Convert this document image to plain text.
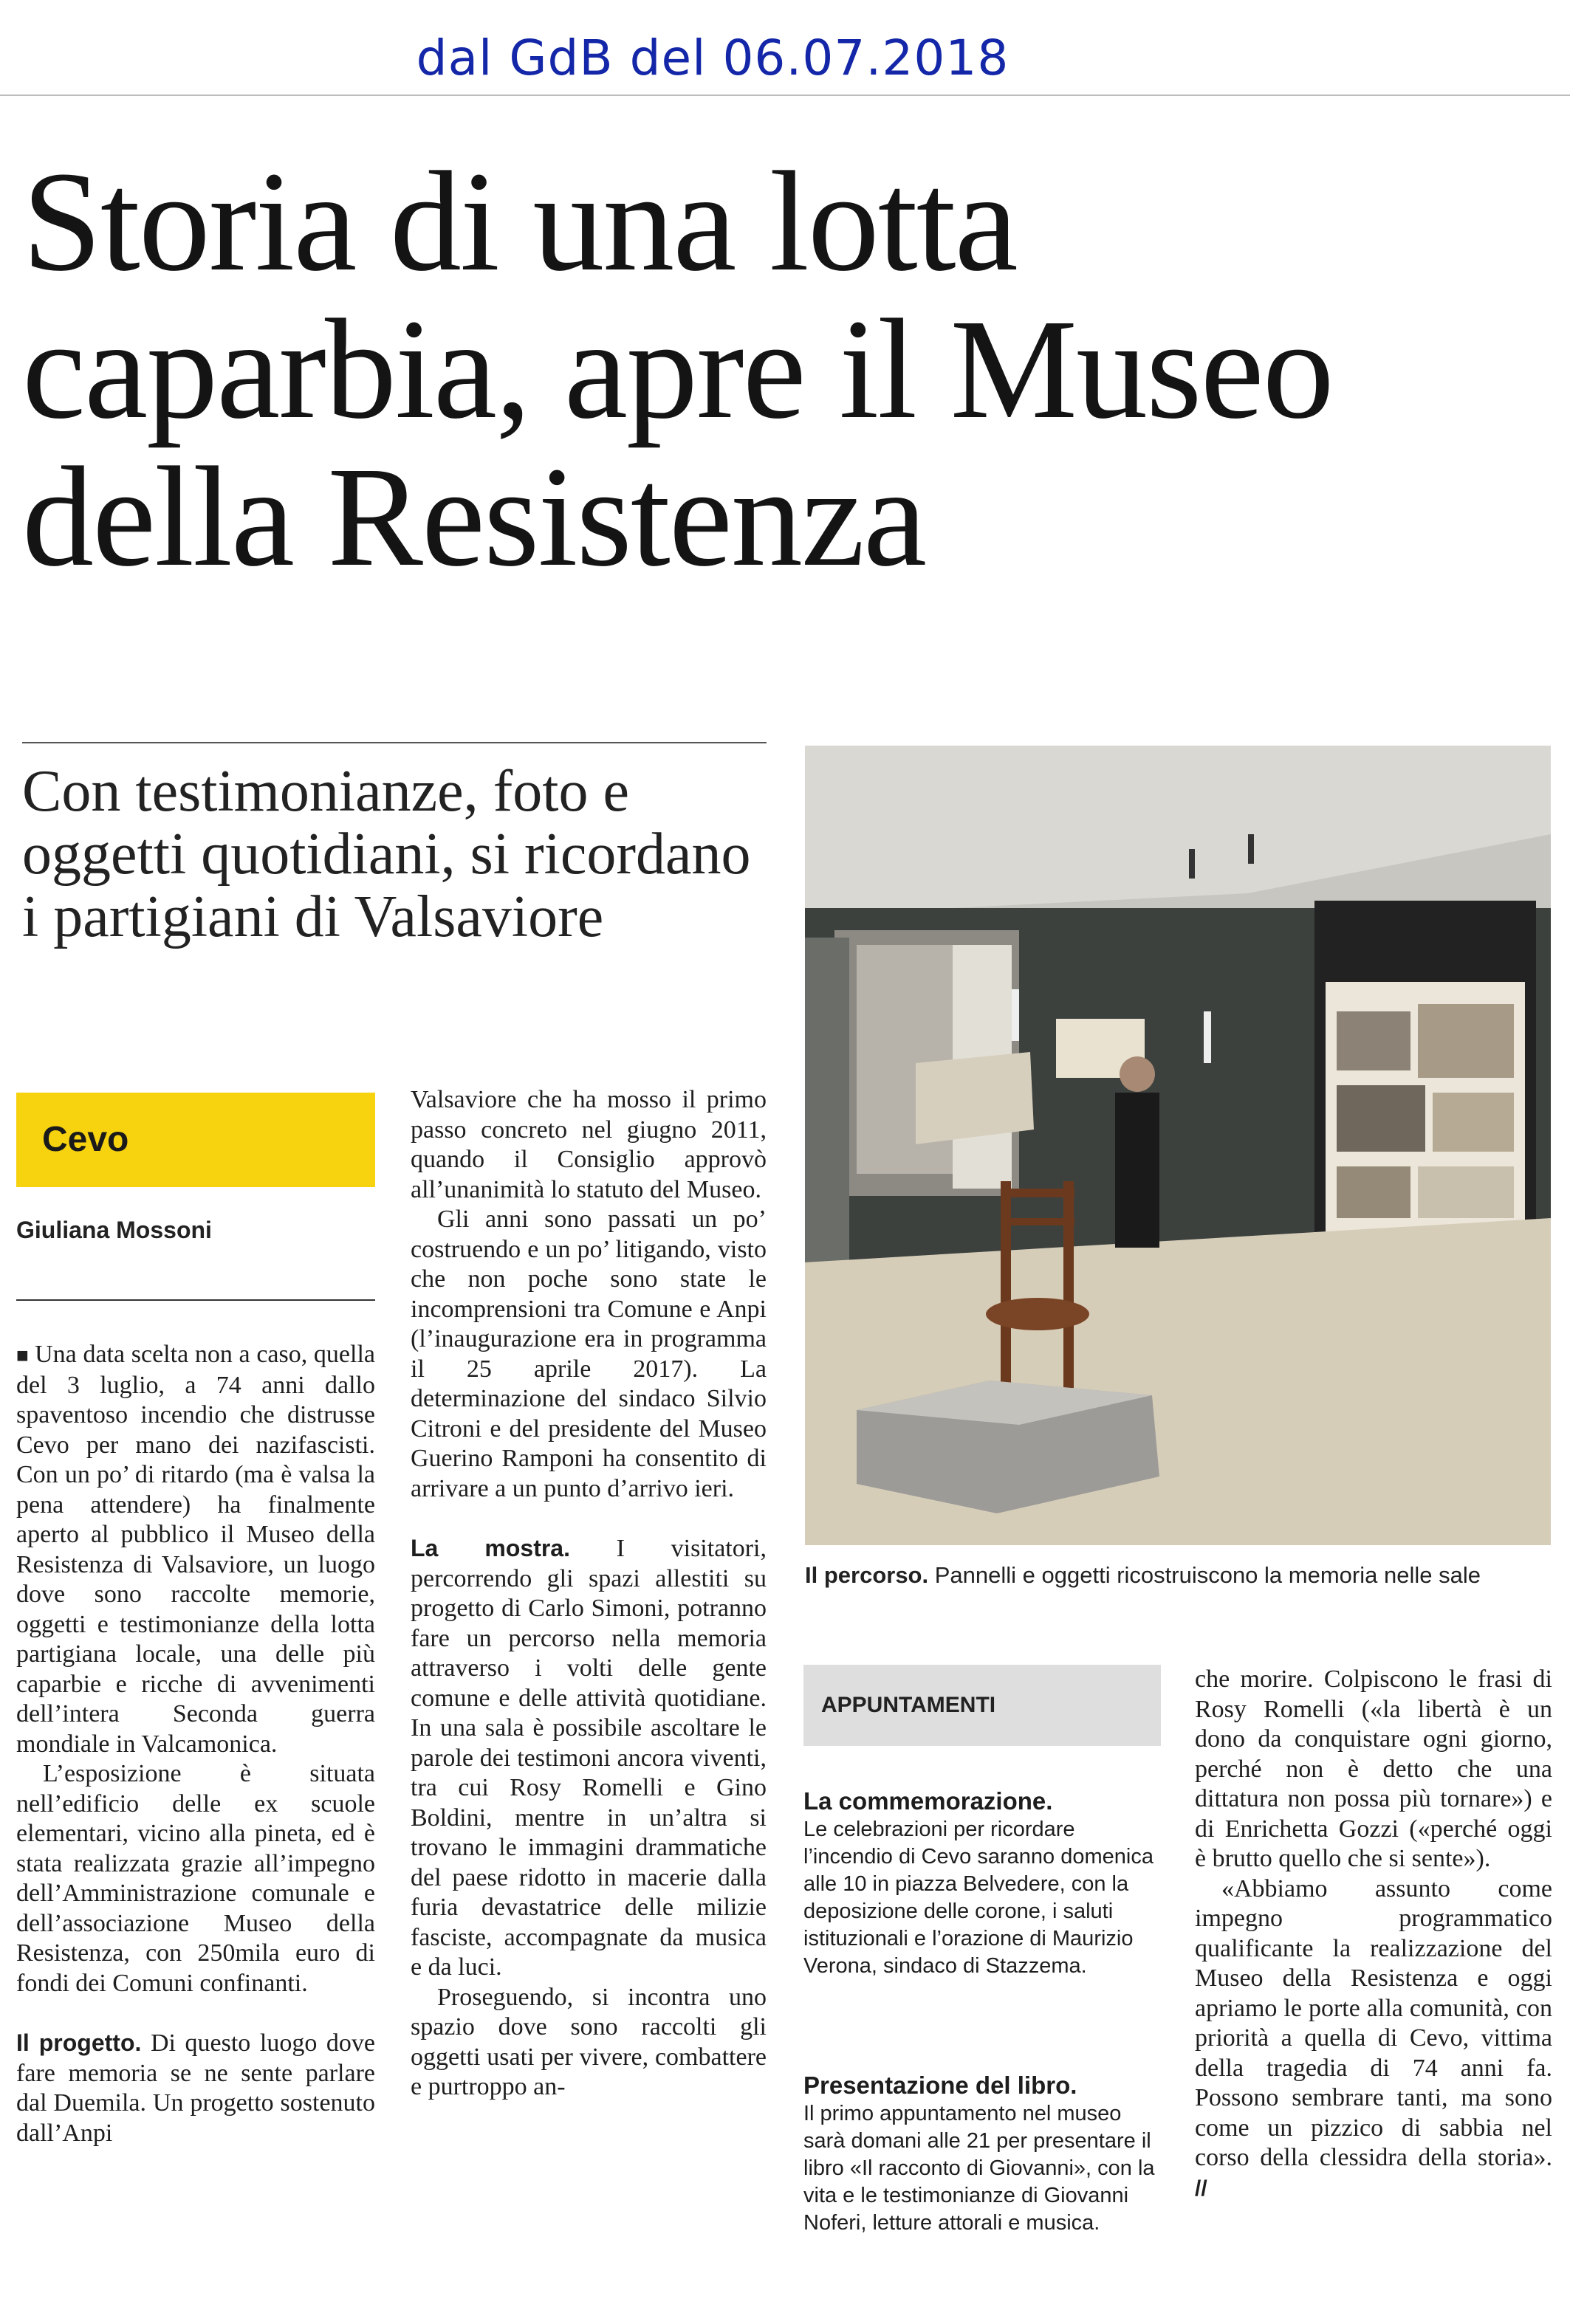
dal GdB del 06.07.2018
Storia di una lotta caparbia, apre il Museo della Resistenza
Con testimonianze, foto e oggetti quotidiani, si ricordano i partigiani di Valsaviore
Cevo
Giuliana Mossoni

■ Una data scelta non a caso, quella del 3 luglio, a 74 anni dallo spaventoso incendio che distrusse Cevo per mano dei nazifascisti. Con un po’ di ritardo (ma è valsa la pena attendere) ha finalmente aperto al pubblico il Museo della Resistenza di Valsaviore, un luogo dove sono raccolte memorie, oggetti e testimonianze della lotta partigiana locale, una delle più caparbie e ricche di avvenimenti dell’intera Seconda guerra mondiale in Valcamonica.

L’esposizione è situata nell’edificio delle ex scuole elementari, vicino alla pineta, ed è stata realizzata grazie all’impegno dell’Amministrazione comunale e dell’associazione Museo della Resistenza, con 250mila euro di fondi dei Comuni confinanti.

Il progetto. Di questo luogo dove fare memoria se ne sente parlare dal Duemila. Un progetto sostenuto dall’Anpi

Valsaviore che ha mosso il primo passo concreto nel giugno 2011, quando il Consiglio approvò all’unanimità lo statuto del Museo.

Gli anni sono passati un po’ costruendo e un po’ litigando, visto che non poche sono state le incomprensioni tra Comune e Anpi (l’inaugurazione era in programma il 25 aprile 2017). La determinazione del sindaco Silvio Citroni e del presidente del Museo Guerino Ramponi ha consentito di arrivare a un punto d’arrivo ieri.

La mostra. I visitatori, percorrendo gli spazi allestiti su progetto di Carlo Simoni, potranno fare un percorso nella memoria attraverso i volti delle gente comune e delle attività quotidiane. In una sala è possibile ascoltare le parole dei testimoni ancora viventi, tra cui Rosy Romelli e Gino Boldini, mentre in un’altra si trovano le immagini drammatiche del paese ridotto in macerie dalla furia devastatrice delle milizie fasciste, accompagnate da musica e da luci.

Proseguendo, si incontra uno spazio dove sono raccolti gli oggetti usati per vivere, combattere e purtroppo an-

Il percorso. Pannelli e oggetti ricostruiscono la memoria nelle sale
APPUNTAMENTI
La commemorazione.

Le celebrazioni per ricordare l’incendio di Cevo saranno domenica alle 10 in piazza Belvedere, con la deposizione delle corone, i saluti istituzionali e l’orazione di Maurizio Verona, sindaco di Stazzema.

Presentazione del libro.

Il primo appuntamento nel museo sarà domani alle 21 per presentare il libro «Il racconto di Giovanni», con la vita e le testimonianze di Giovanni Noferi, letture attorali e musica.

che morire. Colpiscono le frasi di Rosy Romelli («la libertà è un dono da conquistare ogni giorno, perché non è detto che una dittatura non possa più tornare») e di Enrichetta Gozzi («perché oggi è brutto quello che si sente»).

«Abbiamo assunto come impegno programmatico qualificante la realizzazione del Museo della Resistenza e oggi apriamo le porte alla comunità, con priorità a quella di Cevo, vittima della tragedia di 74 anni fa. Possono sembrare tanti, ma sono come un pizzico di sabbia nel corso della clessidra della storia». //
